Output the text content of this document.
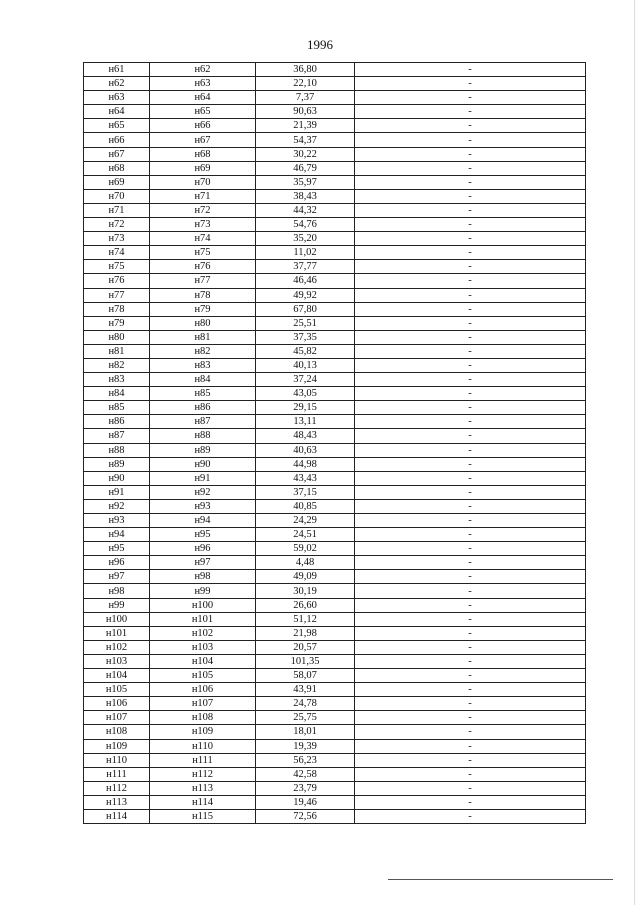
1996
н61	н62	36,80	-
н62	н63	22,10	-
н63	н64	7,37	-
н64	н65	90,63	-
н65	н66	21,39	-
н66	н67	54,37	-
н67	н68	30,22	-
н68	н69	46,79	-
н69	н70	35,97	-
н70	н71	38,43	-
н71	н72	44,32	-
н72	н73	54,76	-
н73	н74	35,20	-
н74	н75	11,02	-
н75	н76	37,77	-
н76	н77	46,46	-
н77	н78	49,92	-
н78	н79	67,80	-
н79	н80	25,51	-
н80	н81	37,35	-
н81	н82	45,82	-
н82	н83	40,13	-
н83	н84	37,24	-
н84	н85	43,05	-
н85	н86	29,15	-
н86	н87	13,11	-
н87	н88	48,43	-
н88	н89	40,63	-
н89	н90	44,98	-
н90	н91	43,43	-
н91	н92	37,15	-
н92	н93	40,85	-
н93	н94	24,29	-
н94	н95	24,51	-
н95	н96	59,02	-
н96	н97	4,48	-
н97	н98	49,09	-
н98	н99	30,19	-
н99	н100	26,60	-
н100	н101	51,12	-
н101	н102	21,98	-
н102	н103	20,57	-
н103	н104	101,35	-
н104	н105	58,07	-
н105	н106	43,91	-
н106	н107	24,78	-
н107	н108	25,75	-
н108	н109	18,01	-
н109	н110	19,39	-
н110	н111	56,23	-
н111	н112	42,58	-
н112	н113	23,79	-
н113	н114	19,46	-
н114	н115	72,56	-
